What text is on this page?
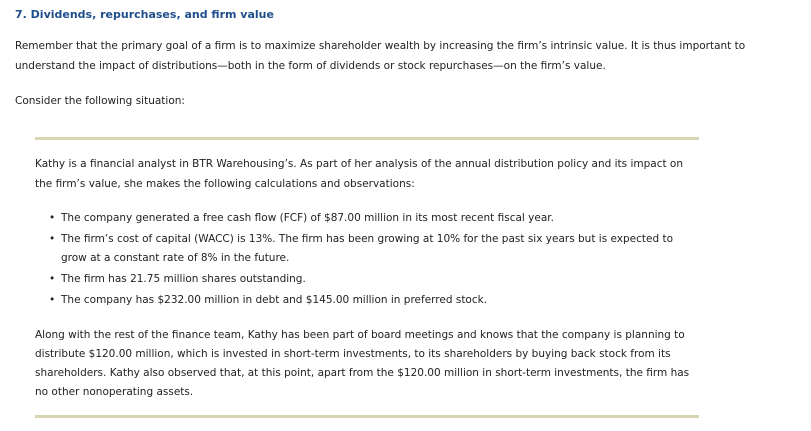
7. Dividends, repurchases, and firm value

Remember that the primary goal of a firm is to maximize shareholder wealth by increasing the firm’s intrinsic value. It is thus important to understand the impact of distributions—both in the form of dividends or stock repurchases—on the firm’s value.

Consider the following situation:

Kathy is a financial analyst in BTR Warehousing’s. As part of her analysis of the annual distribution policy and its impact on the firm’s value, she makes the following calculations and observations:

• The company generated a free cash flow (FCF) of $87.00 million in its most recent fiscal year.
• The firm’s cost of capital (WACC) is 13%. The firm has been growing at 10% for the past six years but is expected to grow at a constant rate of 8% in the future.
• The firm has 21.75 million shares outstanding.
• The company has $232.00 million in debt and $145.00 million in preferred stock.

Along with the rest of the finance team, Kathy has been part of board meetings and knows that the company is planning to distribute $120.00 million, which is invested in short-term investments, to its shareholders by buying back stock from its shareholders. Kathy also observed that, at this point, apart from the $120.00 million in short-term investments, the firm has no other nonoperating assets.
